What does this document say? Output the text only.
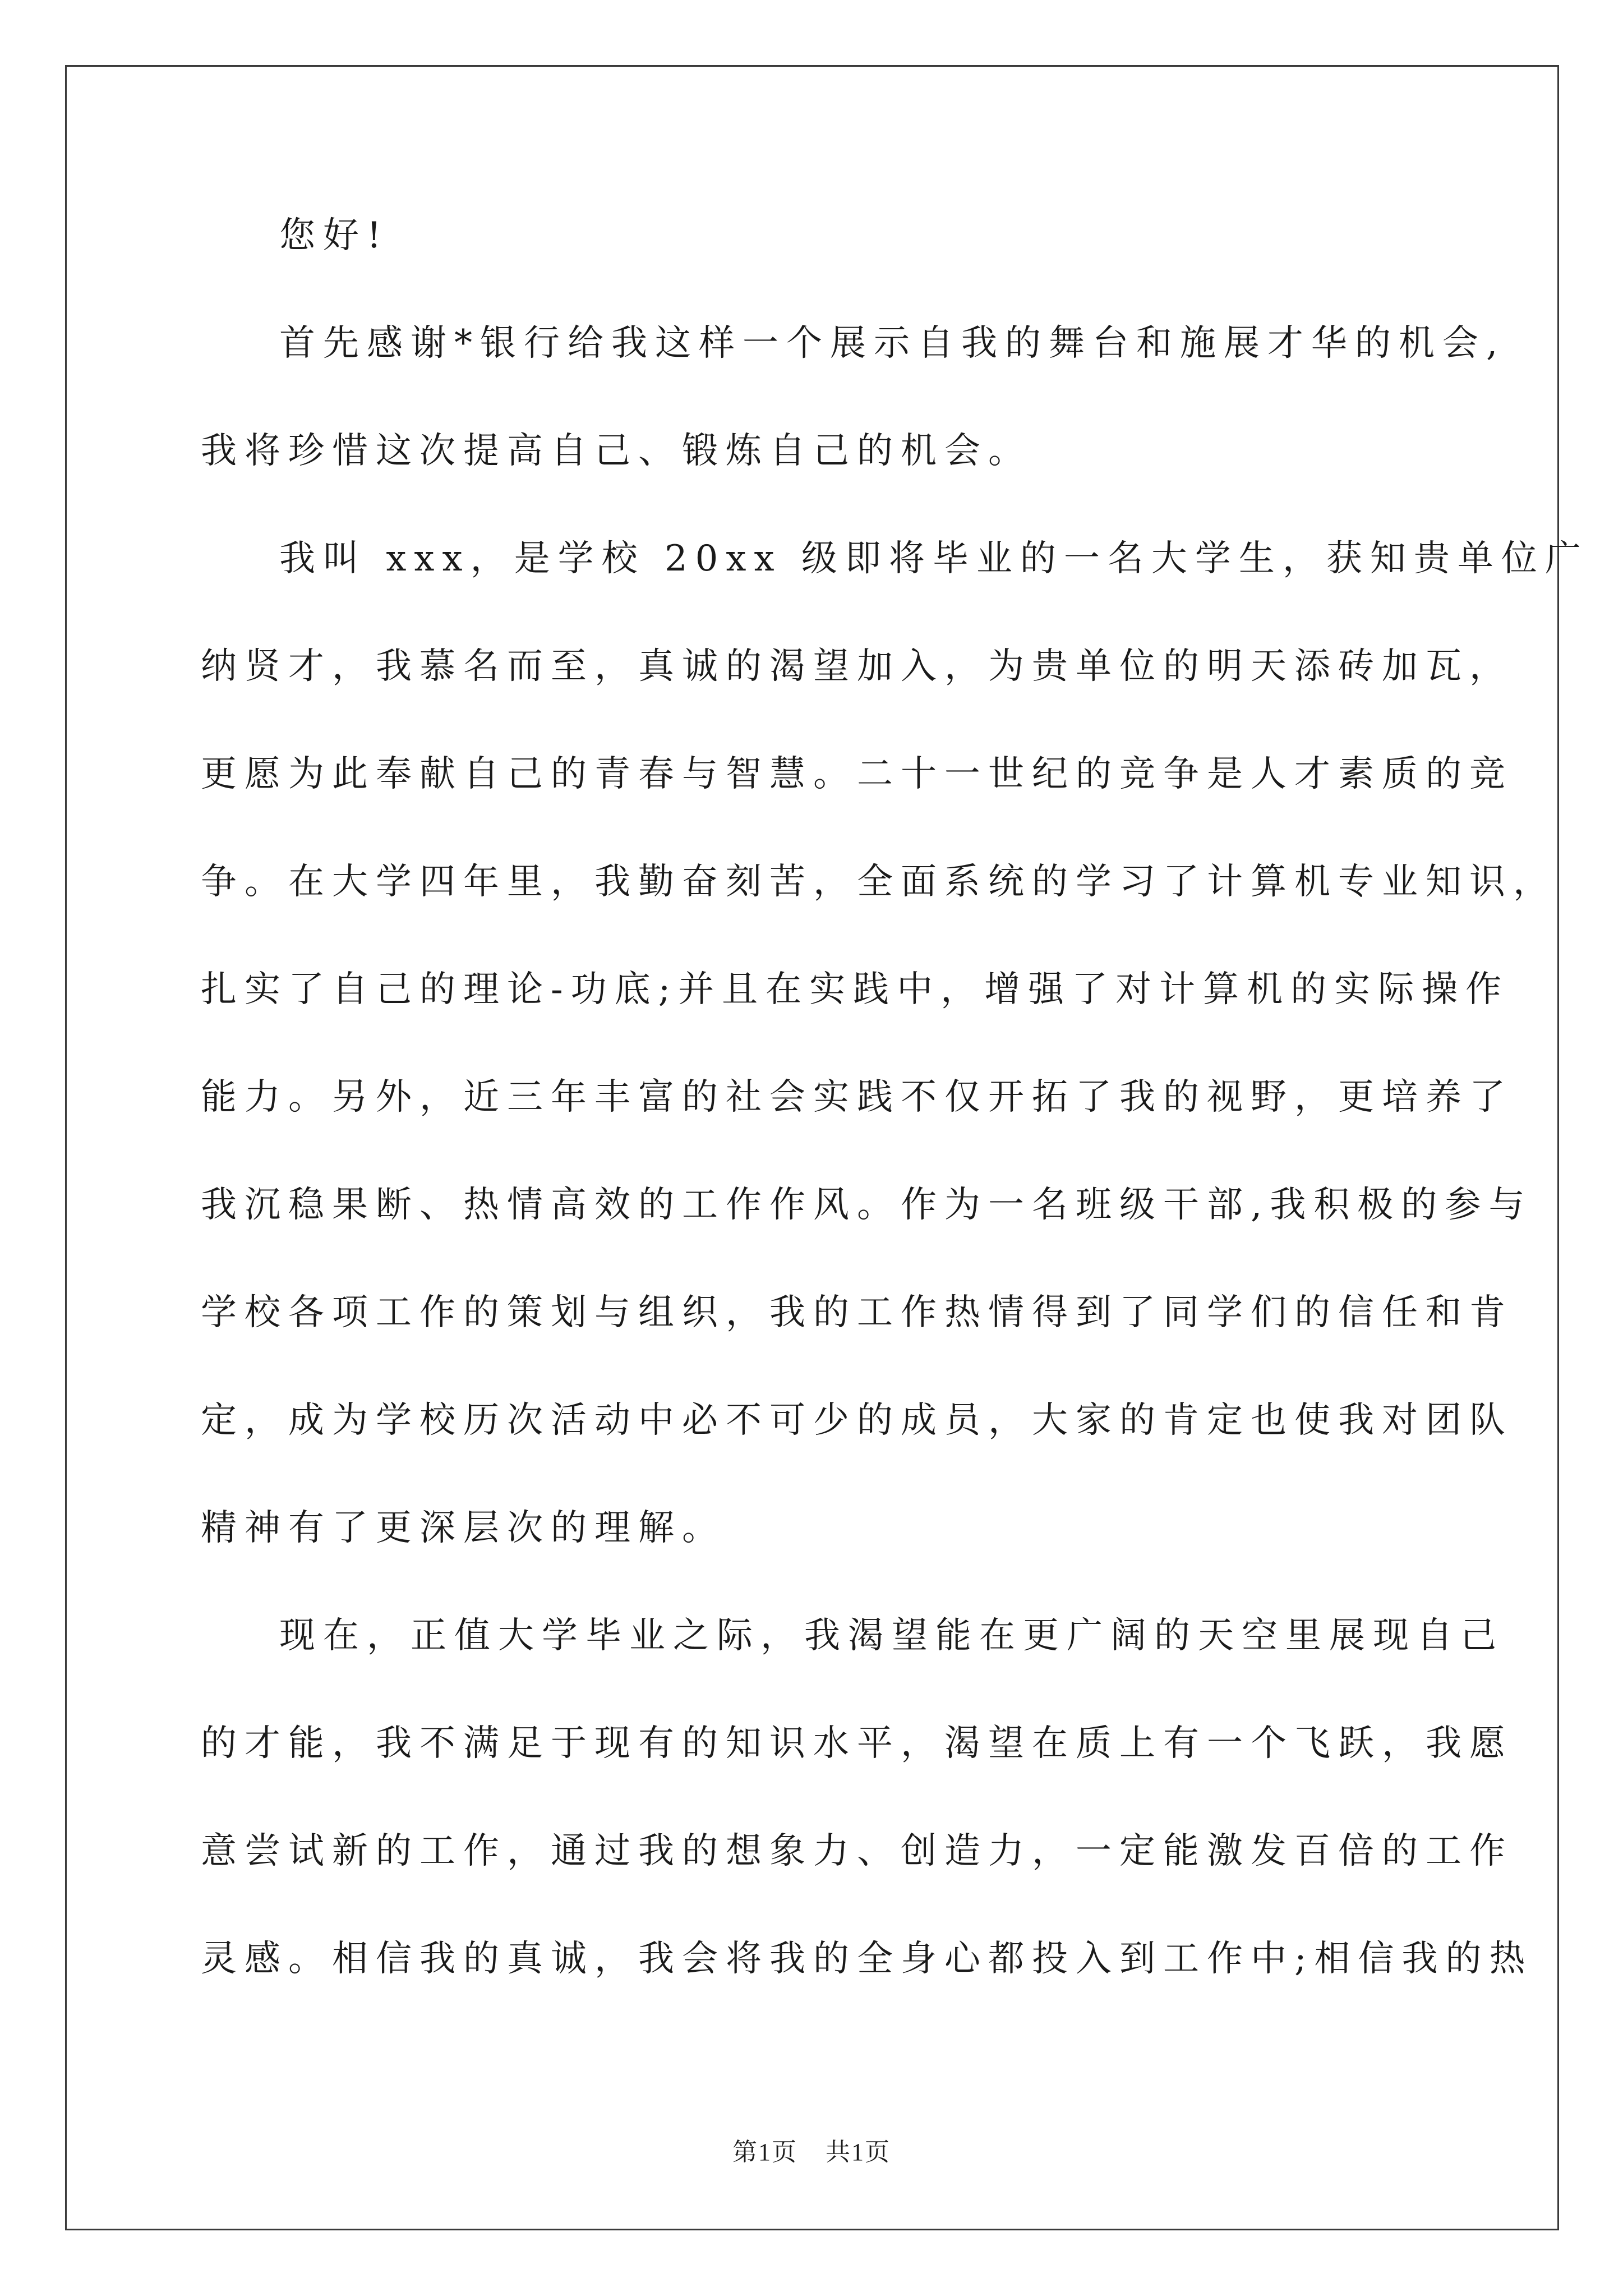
您好!
首先感谢*银行给我这样一个展示自我的舞台和施展才华的机会,
我将珍惜这次提高自己、锻炼自己的机会。
我叫 xxx，是学校 20xx 级即将毕业的一名大学生，获知贵单位广
纳贤才，我慕名而至，真诚的渴望加入，为贵单位的明天添砖加瓦，
更愿为此奉献自己的青春与智慧。二十一世纪的竞争是人才素质的竞
争。在大学四年里，我勤奋刻苦，全面系统的学习了计算机专业知识，
扎实了自己的理论-功底;并且在实践中，增强了对计算机的实际操作
能力。另外，近三年丰富的社会实践不仅开拓了我的视野，更培养了
我沉稳果断、热情高效的工作作风。作为一名班级干部,我积极的参与
学校各项工作的策划与组织，我的工作热情得到了同学们的信任和肯
定，成为学校历次活动中必不可少的成员，大家的肯定也使我对团队
精神有了更深层次的理解。
现在，正值大学毕业之际，我渴望能在更广阔的天空里展现自己
的才能，我不满足于现有的知识水平，渴望在质上有一个飞跃，我愿
意尝试新的工作，通过我的想象力、创造力，一定能激发百倍的工作
灵感。相信我的真诚，我会将我的全身心都投入到工作中;相信我的热
第1页 共1页
